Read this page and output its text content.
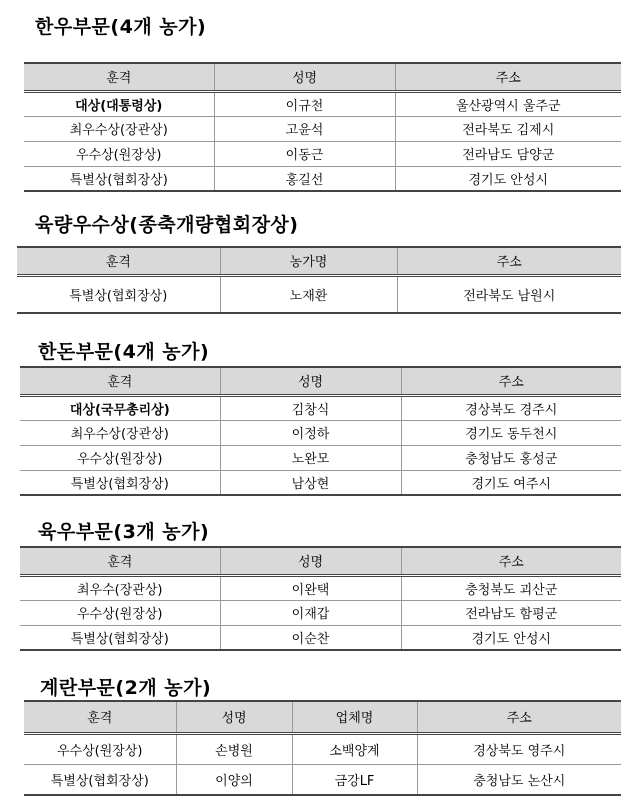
한우부문(4개 농가)
훈격	성명	주소
대상(대통령상)	이규천	울산광역시 울주군
최우수상(장관상)	고윤석	전라북도 김제시
우수상(원장상)	이동근	전라남도 담양군
특별상(협회장상)	홍길선	경기도 안성시
육량우수상(종축개량협회장상)
훈격	농가명	주소
특별상(협회장상)	노재환	전라북도 남원시
한돈부문(4개 농가)
훈격	성명	주소
대상(국무총리상)	김창식	경상북도 경주시
최우수상(장관상)	이정하	경기도 동두천시
우수상(원장상)	노완모	충청남도 홍성군
특별상(협회장상)	남상현	경기도 여주시
육우부문(3개 농가)
훈격	성명	주소
최우수(장관상)	이완택	충청북도 괴산군
우수상(원장상)	이재갑	전라남도 함평군
특별상(협회장상)	이순찬	경기도 안성시
계란부문(2개 농가)
훈격	성명	업체명	주소
우수상(원장상)	손병원	소백양계	경상북도 영주시
특별상(협회장상)	이양의	금강LF	충청남도 논산시
